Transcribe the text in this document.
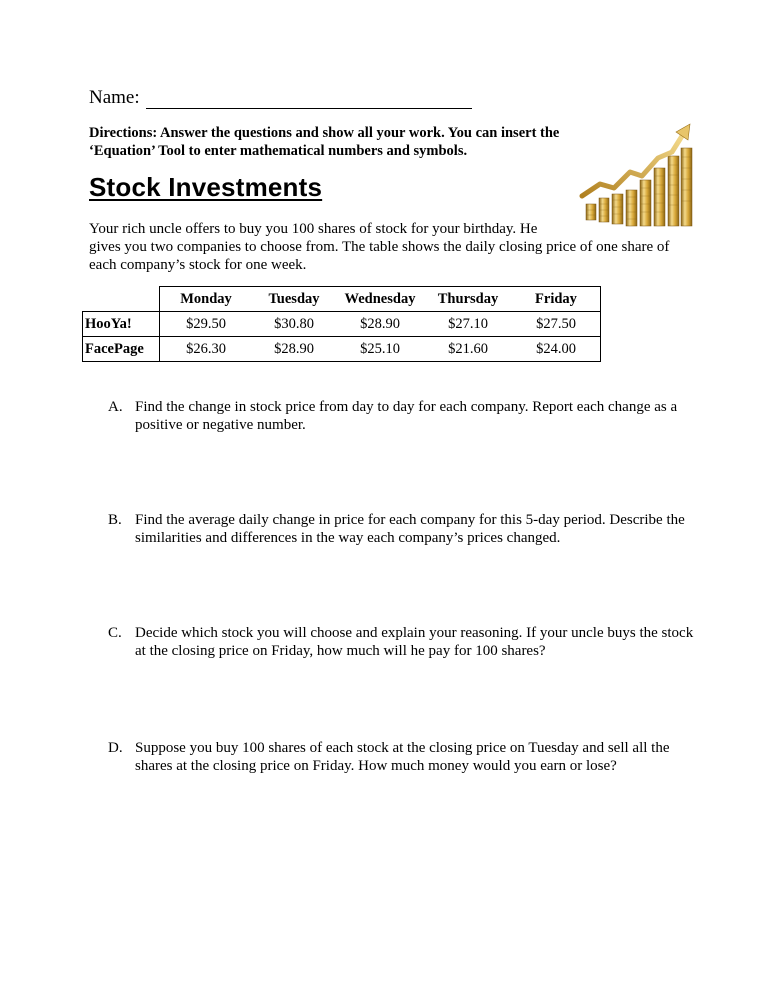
Name:
Directions: Answer the questions and show all your work. You can insert the ‘Equation’ Tool to enter mathematical numbers and symbols.
Stock Investments

Your rich uncle offers to buy you 100 shares of stock for your birthday. He

gives you two companies to choose from. The table shows the daily closing price of one share of

each company’s stock for one week.

	Monday	Tuesday	Wednesday	Thursday	Friday
HooYa!	$29.50	$30.80	$28.90	$27.10	$27.50
FacePage	$26.30	$28.90	$25.10	$21.60	$24.00
A. Find the change in stock price from day to day for each company. Report each change as a positive or negative number.
B. Find the average daily change in price for each company for this 5-day period. Describe the similarities and differences in the way each company’s prices changed.
C. Decide which stock you will choose and explain your reasoning. If your uncle buys the stock at the closing price on Friday, how much will he pay for 100 shares?
D. Suppose you buy 100 shares of each stock at the closing price on Tuesday and sell all the shares at the closing price on Friday. How much money would you earn or lose?
